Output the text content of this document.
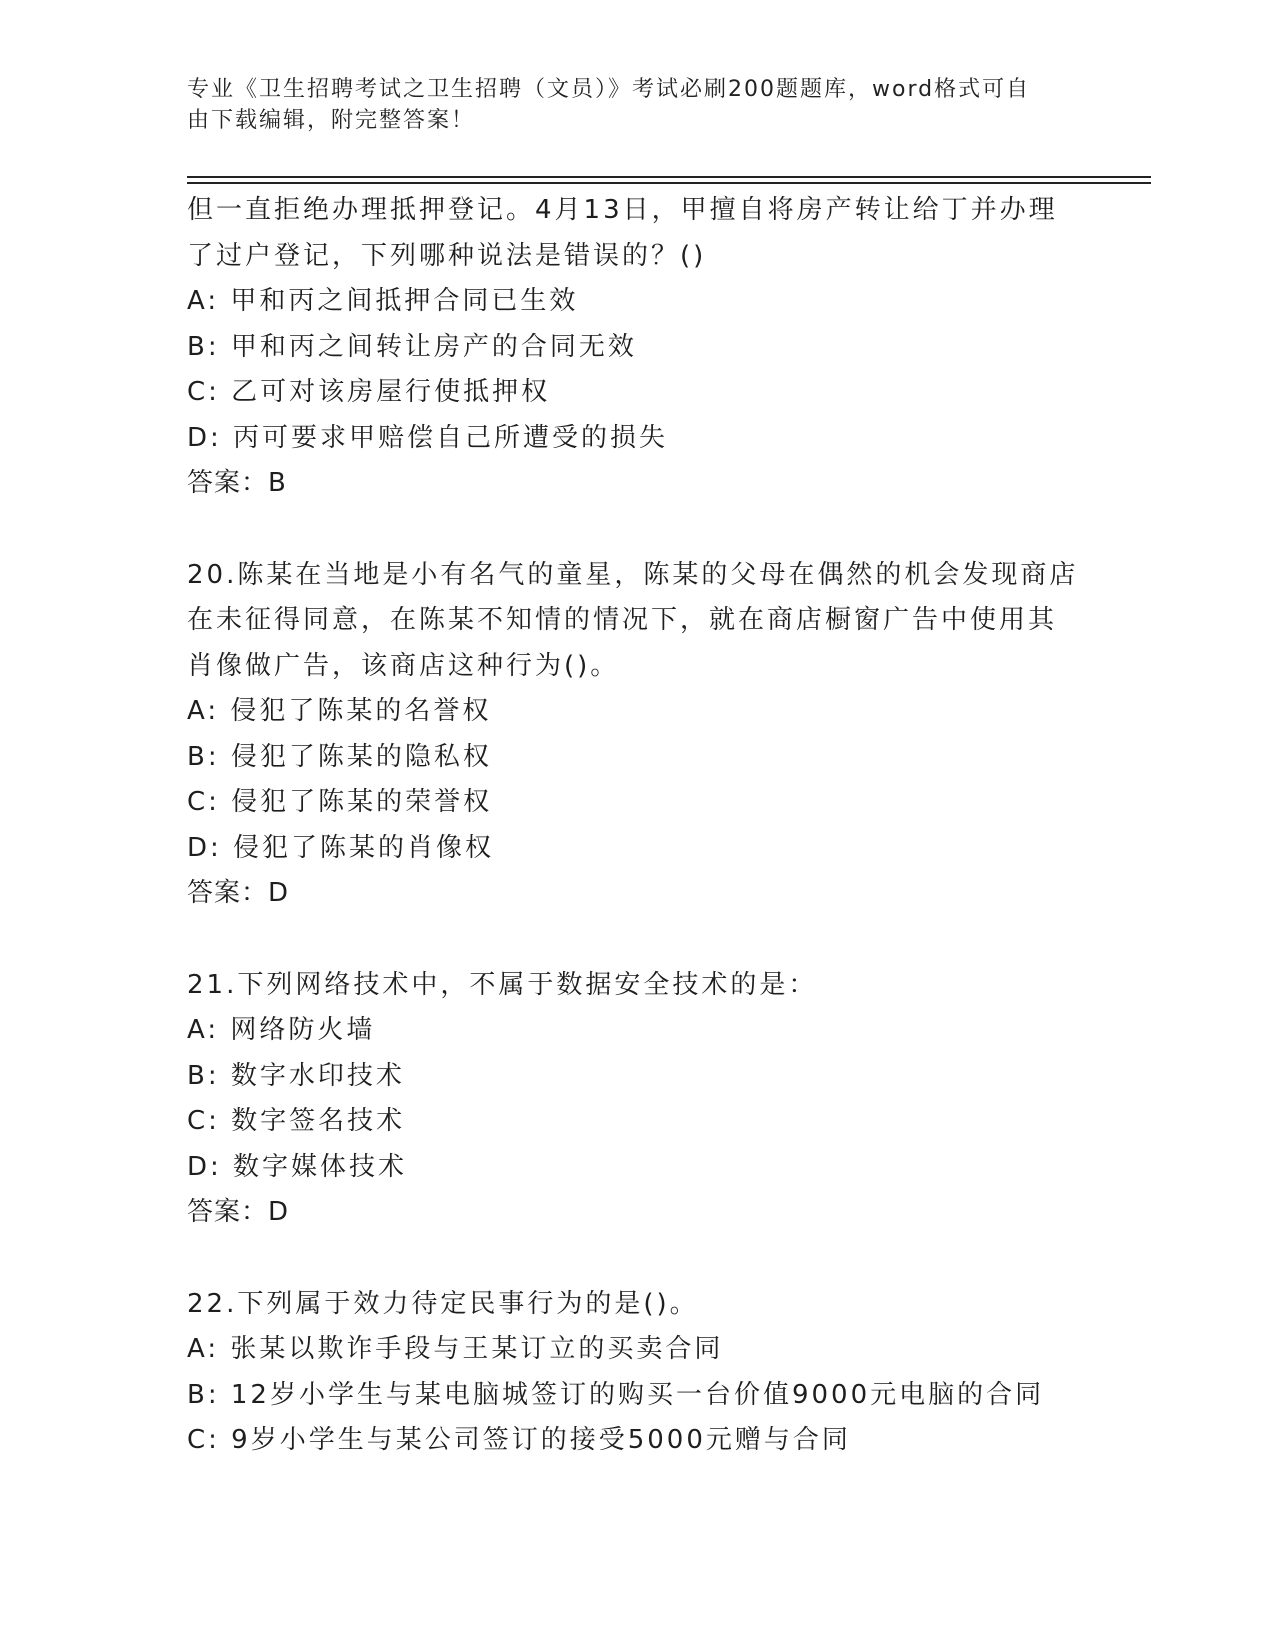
专业《卫生招聘考试之卫生招聘（文员）》考试必刷200题题库，word格式可自
由下载编辑，附完整答案！
但一直拒绝办理抵押登记。4月13日，甲擅自将房产转让给丁并办理
了过户登记，下列哪种说法是错误的？()
A: 甲和丙之间抵押合同已生效
B: 甲和丙之间转让房产的合同无效
C: 乙可对该房屋行使抵押权
D: 丙可要求甲赔偿自己所遭受的损失
答案：B
20.陈某在当地是小有名气的童星，陈某的父母在偶然的机会发现商店
在未征得同意，在陈某不知情的情况下，就在商店橱窗广告中使用其
肖像做广告，该商店这种行为()。
A: 侵犯了陈某的名誉权
B: 侵犯了陈某的隐私权
C: 侵犯了陈某的荣誉权
D: 侵犯了陈某的肖像权
答案：D
21.下列网络技术中，不属于数据安全技术的是：
A: 网络防火墙
B: 数字水印技术
C: 数字签名技术
D: 数字媒体技术
答案：D
22.下列属于效力待定民事行为的是()。
A: 张某以欺诈手段与王某订立的买卖合同
B: 12岁小学生与某电脑城签订的购买一台价值9000元电脑的合同
C: 9岁小学生与某公司签订的接受5000元赠与合同
